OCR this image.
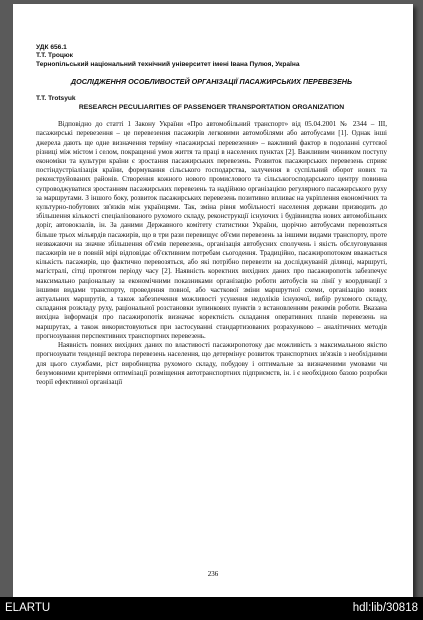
УДК 656.1
Т.Т. Троцюк
Тернопільський національний технічний університет імені Івана Пулюя, Україна
ДОСЛІДЖЕННЯ ОСОБЛИВОСТЕЙ ОРГАНІЗАЦІЇ ПАСАЖИРСЬКИХ ПЕРЕВЕЗЕНЬ
T.T. Trotsyuk
RESEARCH PECULIARITIES OF PASSENGER TRANSPORTATION ORGANIZATION

Відповідно до статті 1 Закону України «Про автомобільний транспорт» від 05.04.2001 № 2344 – III, пасажирські перевезення – це перевезення пасажирів легковими автомобілями або автобусами [1]. Однак інші джерела дають ще одне визначення терміну «пасажирські перевезення» – важливий фактор в подоланні суттєвої різниці між містом і селом, покращенні умов життя та праці в населених пунктах [2]. Важливим чинником поступу економіки та культури країни є зростання пасажирських перевезень. Розвиток пасажирських перевезень сприяє постіндустріалізація країни, формування сільського господарства, залучення в суспільний оборот нових та реконструйованих районів. Створення кожного нового промислового та сільськогосподарського центру повинна супроводжуватися зростанням пасажирських перевезень та надійною організацією регулярного пасажирського руху за маршрутами. З іншого боку, розвиток пасажирських перевезень позитивно впливає на укріплення економічних та культурно-побутових зв'язків між українцями. Так, зміна рівня мобільності населення держави призводить до збільшення кількості спеціалізованого рухомого складу, реконструкції існуючих і будівництва нових автомобільних доріг, автовокзалів, ін. За даними Державного комітету статистики України, щорічно автобусами перевозяться більше трьох мільярдів пасажирів, що в три рази перевищує об'єми перевезень за іншими видами транспорту, проте незважаючи на значне збільшення об'ємів перевезень, організація автобусних сполучень і якість обслуговування пасажирів не в повній мірі відповідає об'єктивним потребам сьогодення. Традиційно, пасажиропотоком вважається кількість пасажирів, що фактично перевозяться, або які потрібно перевезти на досліджуваній ділянці, маршруті, магістралі, сітці протягом періоду часу [2]. Наявність коректних вихідних даних про пасажиропотік забезпечує максимально раціональну за економічними показниками організацію роботи автобусів на лінії у координації з іншими видами транспорту, проведення повної, або часткової зміни маршрутної схеми, організацію нових актуальних маршрутів, а також забезпечення можливості усунення недоліків існуючої, вибір рухомого складу, складання розкладу руху, раціональної розстановки зупинкових пунктів з встановленням режимів роботи. Вказана вихідна інформація про пасажиропотік визначає коректність складання оперативних планів перевезень на маршрутах, а також використовуються при застосуванні стандартизованих розрахунково – аналітичних методів прогнозування перспективних транспортних перевезень.

Наявність повних вихідних даних по властивості пасажиропотоку дає можливість з максимальною якістю прогнозувати тенденції вектора перевезень населення, що детермінує розвиток транспортних зв'язків з необхідними для цього службами, ріст виробництва рухомого складу, побудову і оптимальне за визначеними умовами чи безумовними критеріями оптимізації розміщення автотранспортних підприємств, ін. і є необхідною базою розробки теорії ефективної організації

236
ELARTU	hdl:lib/30818
